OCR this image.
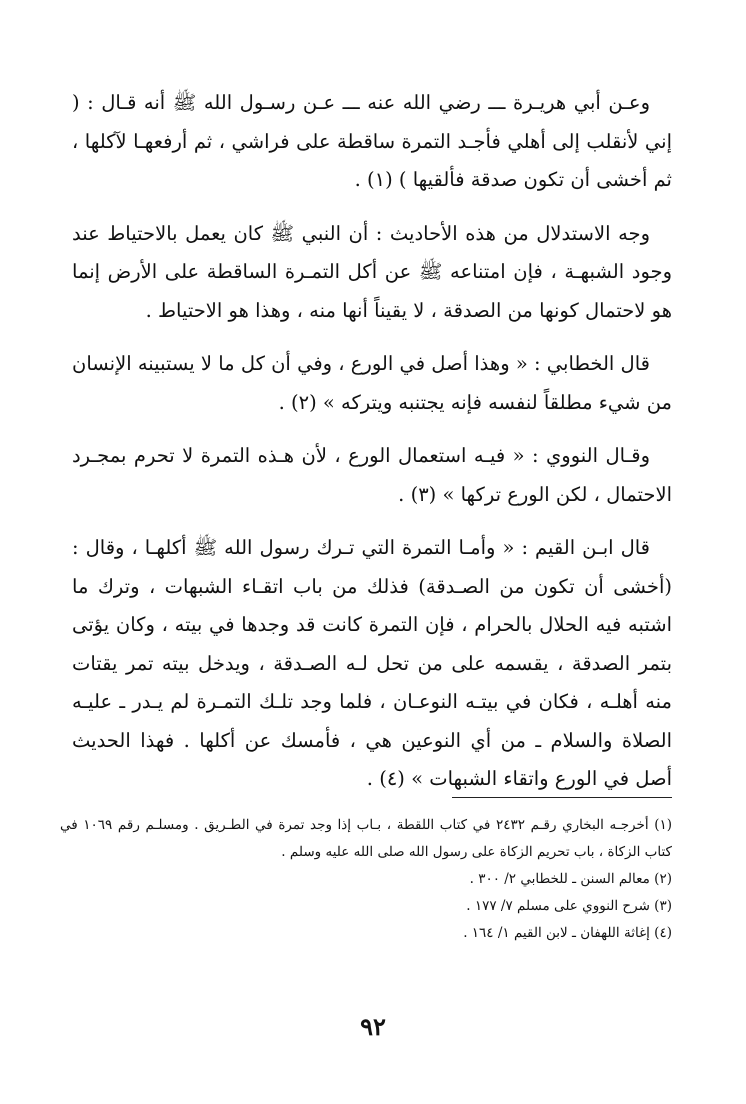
وعـن أبي هريـرة ـــ رضي الله عنه ـــ عـن رسـول الله ﷺ أنه قـال : ( إني لأنقلب إلى أهلي فأجـد التمرة ساقطة على فراشي ، ثم أرفعهـا لآكلها ، ثم أخشى أن تكون صدقة فألقيها ) (١) .

وجه الاستدلال من هذه الأحاديث : أن النبي ﷺ كان يعمل بالاحتياط عند وجود الشبهـة ، فإن امتناعه ﷺ عن أكل التمـرة الساقطة على الأرض إنما هو لاحتمال كونها من الصدقة ، لا يقيناً أنها منه ، وهذا هو الاحتياط .

قال الخطابي : « وهذا أصل في الورع ، وفي أن كل ما لا يستبينه الإنسان من شيء مطلقاً لنفسه فإنه يجتنبه ويتركه » (٢) .

وقـال النووي : « فيـه استعمال الورع ، لأن هـذه التمرة لا تحرم بمجـرد الاحتمال ، لكن الورع تركها » (٣) .

قال ابـن القيم : « وأمـا التمرة التي تـرك رسول الله ﷺ أكلهـا ، وقال : (أخشى أن تكون من الصـدقة) فذلك من باب اتقـاء الشبهات ، وترك ما اشتبه فيه الحلال بالحرام ، فإن التمرة كانت قد وجدها في بيته ، وكان يؤتى بتمر الصدقة ، يقسمه على من تحل لـه الصـدقة ، ويدخل بيته تمر يقتات منه أهلـه ، فكان في بيتـه النوعـان ، فلما وجد تلـك التمـرة لم يـدر ـ عليـه الصلاة والسلام ـ من أي النوعين هي ، فأمسك عن أكلها . فهذا الحديث أصل في الورع واتقاء الشبهات » (٤) .

(١) أخرجـه البخاري رقـم ٢٤٣٢ في كتاب اللقطة ، بـاب إذا وجد تمرة في الطـريق . ومسلـم رقم ١٠٦٩ في كتاب الزكاة ، باب تحريم الزكاة على رسول الله صلى الله عليه وسلم .

(٢) معالم السنن ـ للخطابي ٢/ ٣٠٠ .

(٣) شرح النووي على مسلم ٧/ ١٧٧ .

(٤) إغاثة اللهفان ـ لابن القيم ١/ ١٦٤ .

٩٢
